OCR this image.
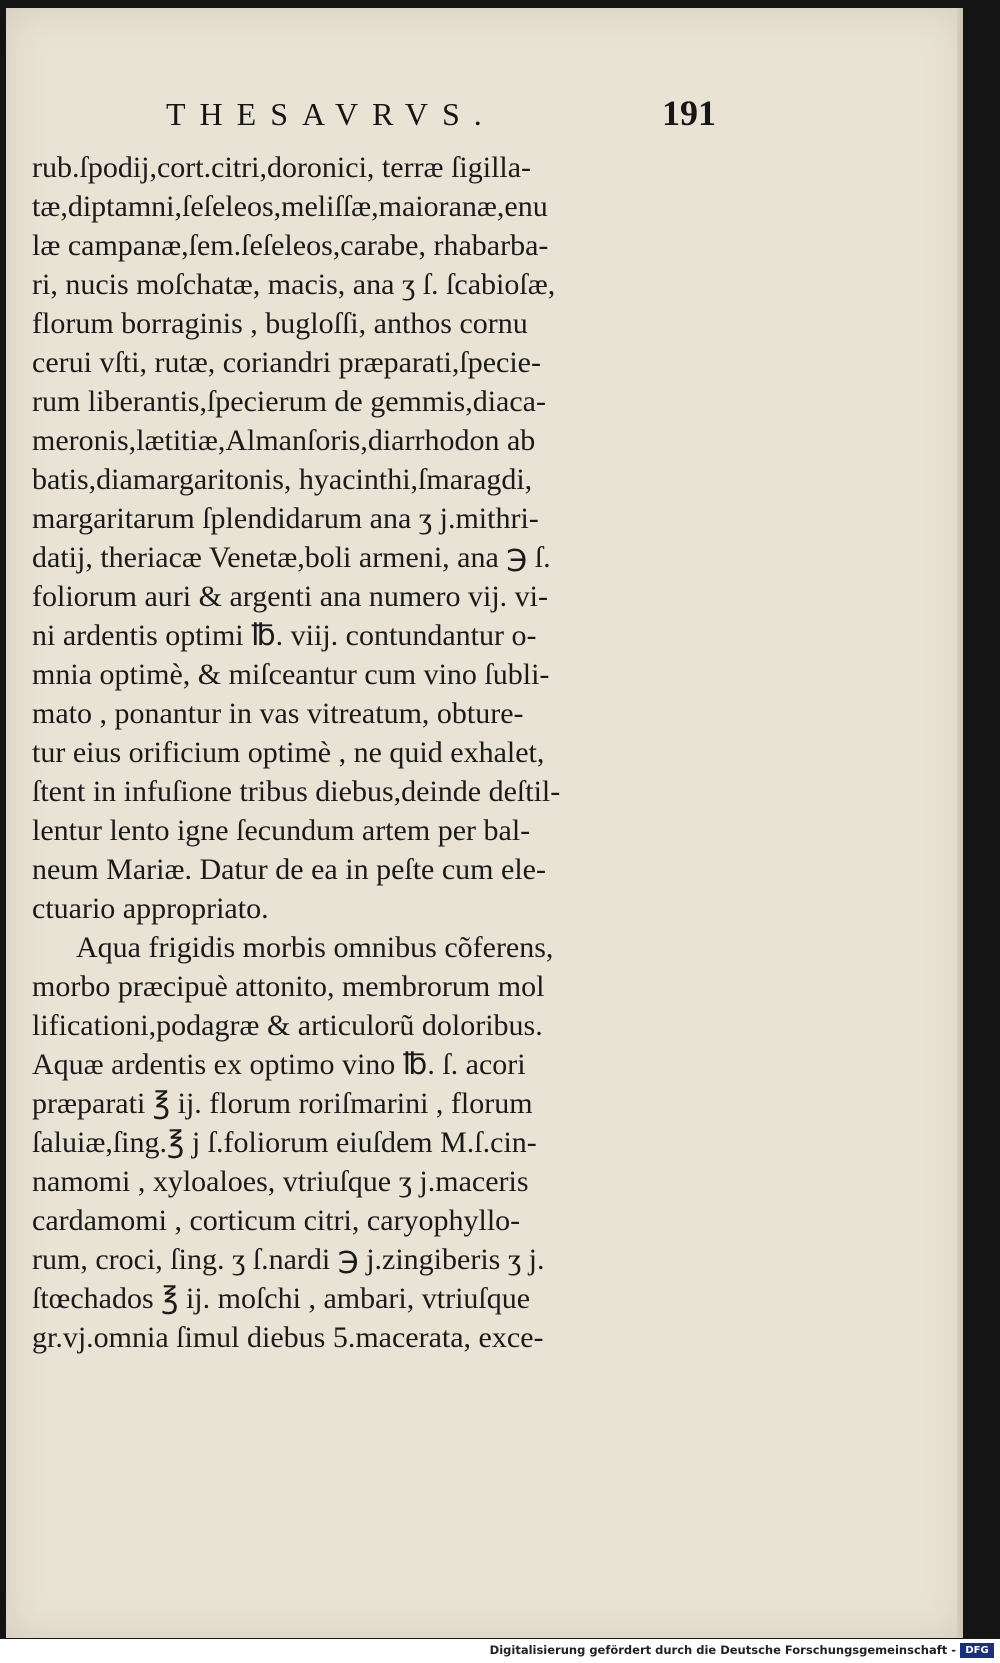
THESAVRVS.	191
rub.ſpodij,cort.citri,doronici, terræ ſigilla-
tæ,diptamni,ſeſeleos,meliſſæ,maioranæ,enu
læ campanæ,ſem.ſeſeleos,carabe, rhabarba-
ri, nucis moſchatæ, macis, ana ʒ ſ. ſcabioſæ,
florum borraginis , bugloſſi, anthos cornu
cerui vſti, rutæ, coriandri præparati,ſpecie-
rum liberantis,ſpecierum de gemmis,diaca-
meronis,lætitiæ,Almanſoris,diarrhodon ab
batis,diamargaritonis, hyacinthi,ſmaragdi,
margaritarum ſplendidarum ana ʒ j.mithri-
datij, theriacæ Venetæ,boli armeni, ana ℈ ſ.
foliorum auri & argenti ana numero vij. vi-
ni ardentis optimi ℔. viij. contundantur o-
mnia optimè, & miſceantur cum vino ſubli-
mato , ponantur in vas vitreatum, obture-
tur eius orificium optimè , ne quid exhalet,
ſtent in infuſione tribus diebus,deinde deſtil-
lentur lento igne ſecundum artem per bal-
neum Mariæ. Datur de ea in peſte cum ele-
ctuario appropriato.
Aqua frigidis morbis omnibus cõferens,
morbo præcipuè attonito, membrorum mol
lificationi,podagræ & articulorũ doloribus.
Aquæ ardentis ex optimo vino ℔. ſ. acori
præparati ℥ ij. florum roriſmarini , florum
ſaluiæ,ſing.℥ j ſ.foliorum eiuſdem M.ſ.cin-
namomi , xyloaloes, vtriuſque ʒ j.maceris
cardamomi , corticum citri, caryophyllo-
rum, croci, ſing. ʒ ſ.nardi ℈ j.zingiberis ʒ j.
ſtœchados ℥ ij. moſchi , ambari, vtriuſque
gr.vj.omnia ſimul diebus 5.macerata, exce-
Digitalisierung gefördert durch die Deutsche Forschungsgemeinschaft - DFG
